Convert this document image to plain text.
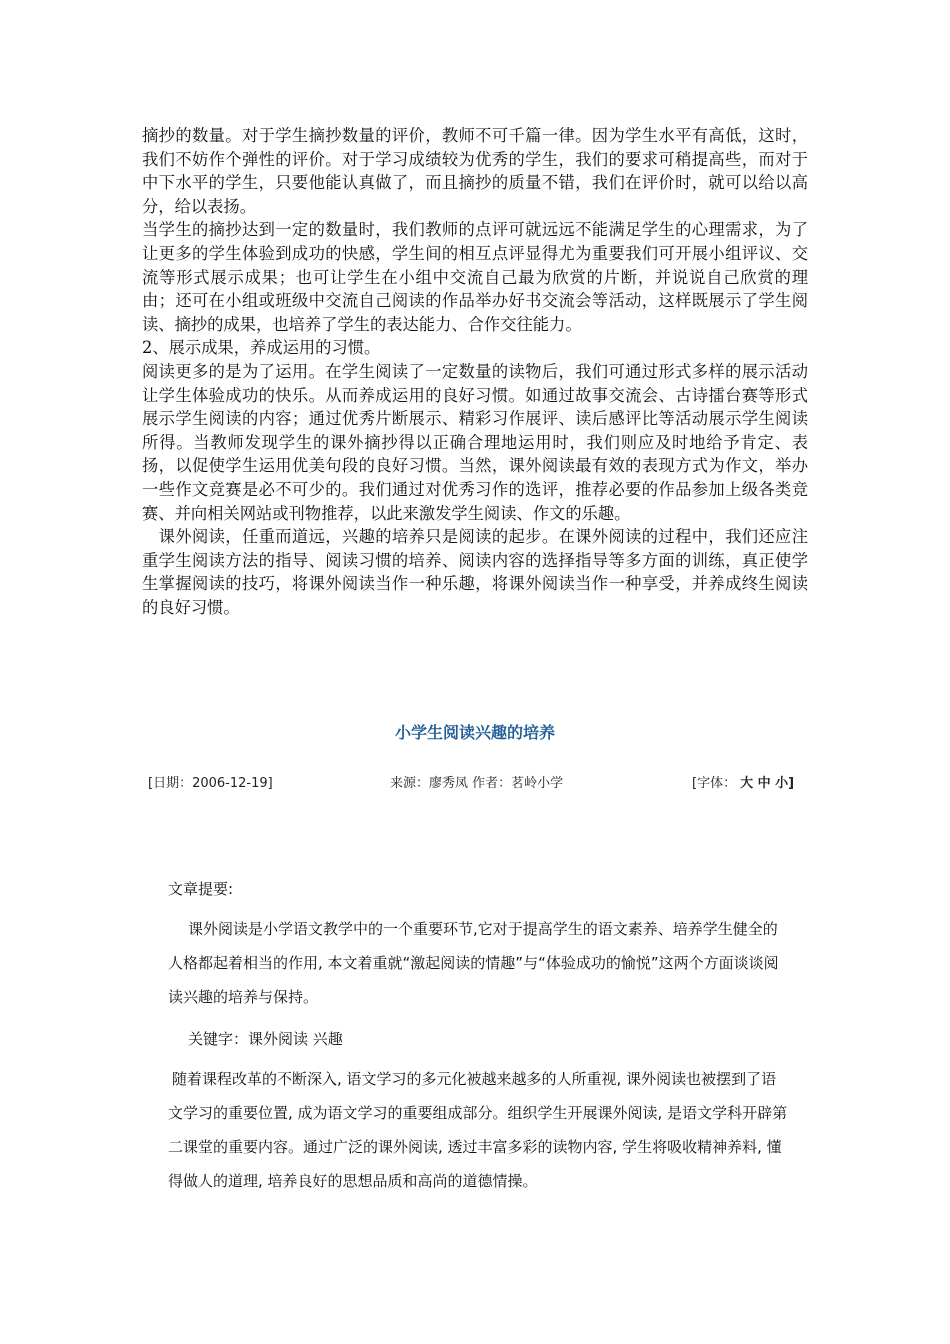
摘抄的数量。对于学生摘抄数量的评价，教师不可千篇一律。因为学生水平有高低，这时，我们不妨作个弹性的评价。对于学习成绩较为优秀的学生，我们的要求可稍提高些，而对于中下水平的学生，只要他能认真做了，而且摘抄的质量不错，我们在评价时，就可以给以高分，给以表扬。

当学生的摘抄达到一定的数量时，我们教师的点评可就远远不能满足学生的心理需求，为了让更多的学生体验到成功的快感，学生间的相互点评显得尤为重要我们可开展小组评议、交流等形式展示成果；也可让学生在小组中交流自己最为欣赏的片断，并说说自己欣赏的理由；还可在小组或班级中交流自己阅读的作品举办好书交流会等活动，这样既展示了学生阅读、摘抄的成果，也培养了学生的表达能力、合作交往能力。

2、展示成果，养成运用的习惯。

阅读更多的是为了运用。在学生阅读了一定数量的读物后，我们可通过形式多样的展示活动让学生体验成功的快乐。从而养成运用的良好习惯。如通过故事交流会、古诗擂台赛等形式展示学生阅读的内容；通过优秀片断展示、精彩习作展评、读后感评比等活动展示学生阅读所得。当教师发现学生的课外摘抄得以正确合理地运用时，我们则应及时地给予肯定、表扬，以促使学生运用优美句段的良好习惯。当然，课外阅读最有效的表现方式为作文，举办一些作文竞赛是必不可少的。我们通过对优秀习作的选评，推荐必要的作品参加上级各类竞赛、并向相关网站或刊物推荐，以此来激发学生阅读、作文的乐趣。

　课外阅读，任重而道远，兴趣的培养只是阅读的起步。在课外阅读的过程中，我们还应注重学生阅读方法的指导、阅读习惯的培养、阅读内容的选择指导等多方面的训练，真正使学生掌握阅读的技巧，将课外阅读当作一种乐趣，将课外阅读当作一种享受，并养成终生阅读的良好习惯。

小学生阅读兴趣的培养
[日期：2006-12-19]	来源：廖秀凤 作者：茗岭小学	[字体： 大 中 小]

文章提要:

课外阅读是小学语文教学中的一个重要环节,它对于提高学生的语文素养、培养学生健全的人格都起着相当的作用, 本文着重就“激起阅读的情趣”与“体验成功的愉悦”这两个方面谈谈阅读兴趣的培养与保持。

关键字：课外阅读 兴趣

随着课程改革的不断深入, 语文学习的多元化被越来越多的人所重视, 课外阅读也被摆到了语文学习的重要位置, 成为语文学习的重要组成部分。组织学生开展课外阅读, 是语文学科开辟第二课堂的重要内容。通过广泛的课外阅读, 透过丰富多彩的读物内容, 学生将吸收精神养料, 懂得做人的道理, 培养良好的思想品质和高尚的道德情操。
